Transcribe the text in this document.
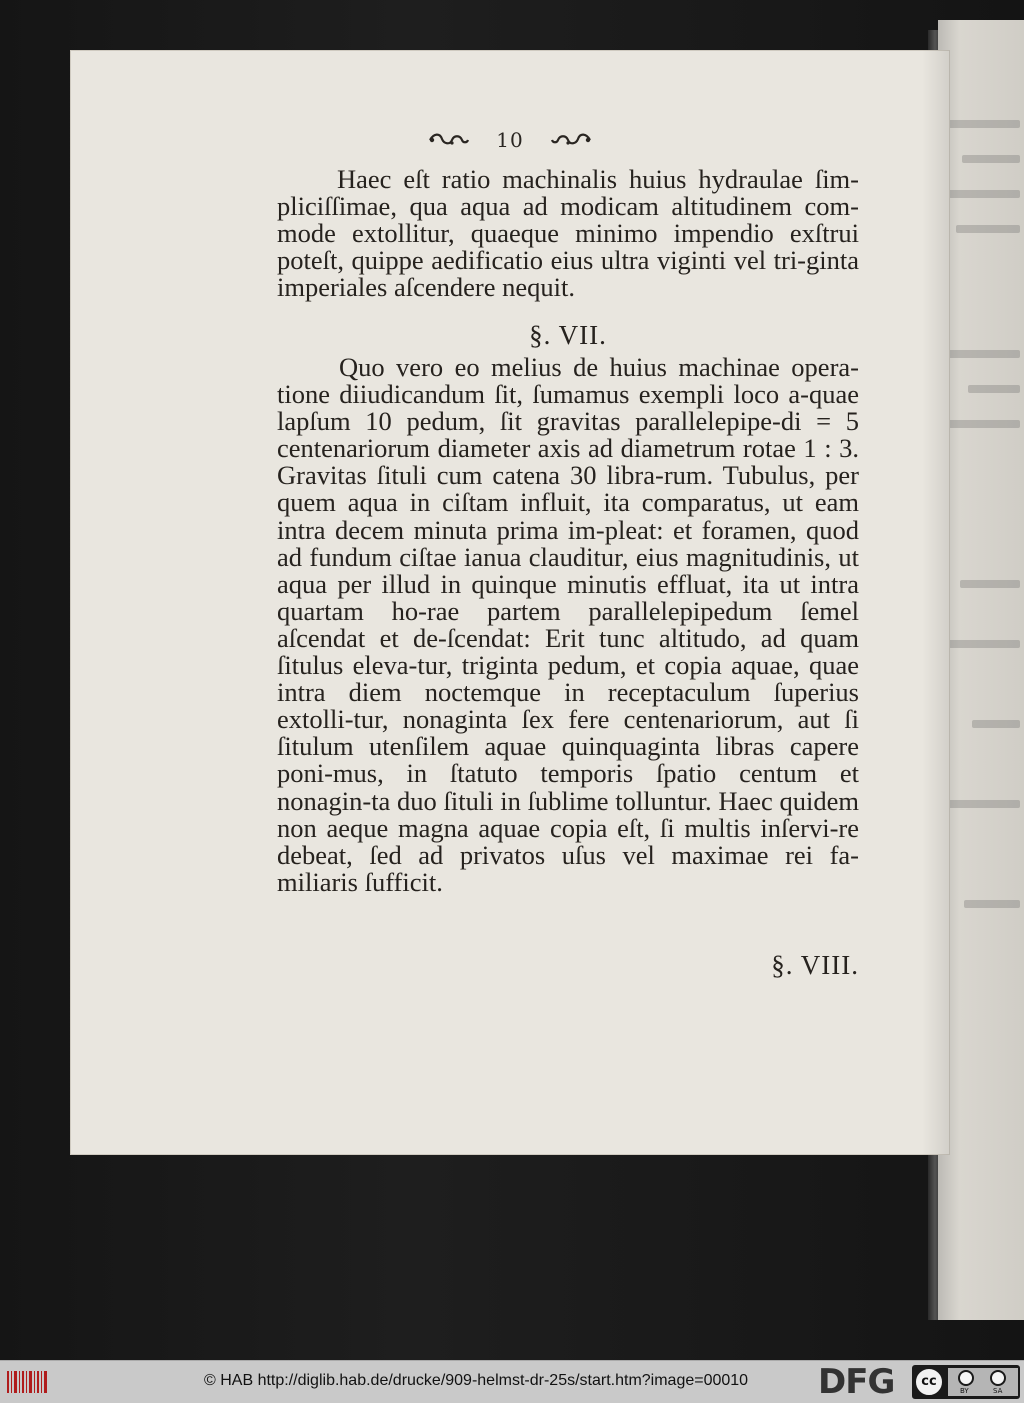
10
Haec eſt ratio machinalis huius hydraulae ſim-pliciſſimae, qua aqua ad modicam altitudinem com-mode extollitur, quaeque minimo impendio exſtrui poteſt, quippe aedificatio eius ultra viginti vel tri-ginta imperiales aſcendere nequit.
§. VII.
Quo vero eo melius de huius machinae opera-tione diiudicandum ſit, ſumamus exempli loco a-quae lapſum 10 pedum, ſit gravitas parallelepipe-di = 5 centenariorum diameter axis ad diametrum rotae 1 : 3. Gravitas ſituli cum catena 30 libra-rum. Tubulus, per quem aqua in ciſtam influit, ita comparatus, ut eam intra decem minuta prima im-pleat: et foramen, quod ad fundum ciſtae ianua clauditur, eius magnitudinis, ut aqua per illud in quinque minutis effluat, ita ut intra quartam ho-rae partem parallelepipedum ſemel aſcendat et de-ſcendat: Erit tunc altitudo, ad quam ſitulus eleva-tur, triginta pedum, et copia aquae, quae intra diem noctemque in receptaculum ſuperius extolli-tur, nonaginta ſex fere centenariorum, aut ſi ſitulum utenſilem aquae quinquaginta libras capere poni-mus, in ſtatuto temporis ſpatio centum et nonagin-ta duo ſituli in ſublime tolluntur. Haec quidem non aeque magna aquae copia eſt, ſi multis inſervi-re debeat, ſed ad privatos uſus vel maximae rei fa-miliaris ſufficit.
§. VIII.
© HAB http://diglib.hab.de/drucke/909-helmst-dr-25s/start.htm?image=00010 DFG	cc
BY	SA
